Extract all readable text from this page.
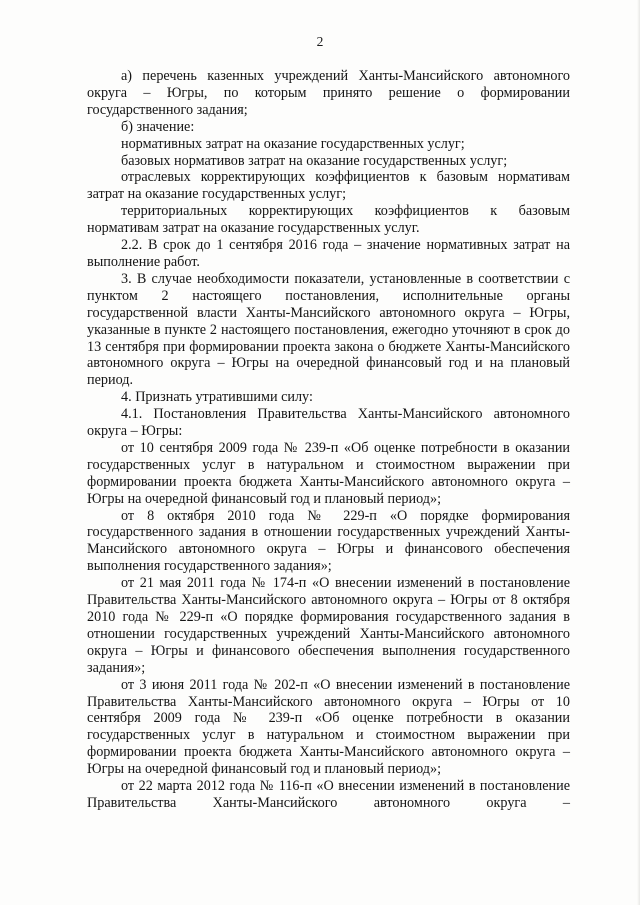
2

а) перечень казенных учреждений Ханты-Мансийского автономного округа – Югры, по которым принято решение о формировании государственного задания;

б) значение:

нормативных затрат на оказание государственных услуг;

базовых нормативов затрат на оказание государственных услуг;

отраслевых корректирующих коэффициентов к базовым нормативам затрат на оказание государственных услуг;

территориальных корректирующих коэффициентов к базовым нормативам затрат на оказание государственных услуг.

2.2. В срок до 1 сентября 2016 года – значение нормативных затрат на выполнение работ.

3. В случае необходимости показатели, установленные в соответствии с пунктом 2 настоящего постановления, исполнительные органы государственной власти Ханты-Мансийского автономного округа – Югры, указанные в пункте 2 настоящего постановления, ежегодно уточняют в срок до 13 сентября при формировании проекта закона о бюджете Ханты-Мансийского автономного округа – Югры на очередной финансовый год и на плановый период.

4. Признать утратившими силу:

4.1. Постановления Правительства Ханты-Мансийского автономного округа – Югры:

от 10 сентября 2009 года № 239-п «Об оценке потребности в оказании государственных услуг в натуральном и стоимостном выражении при формировании проекта бюджета Ханты-Мансийского автономного округа – Югры на очередной финансовый год и плановый период»;

от 8 октября 2010 года № 229-п «О порядке формирования государственного задания в отношении государственных учреждений Ханты-Мансийского автономного округа – Югры и финансового обеспечения выполнения государственного задания»;

от 21 мая 2011 года № 174-п «О внесении изменений в постановление Правительства Ханты-Мансийского автономного округа – Югры от 8 октября 2010 года № 229-п «О порядке формирования государственного задания в отношении государственных учреждений Ханты-Мансийского автономного округа – Югры и финансового обеспечения выполнения государственного задания»;

от 3 июня 2011 года № 202-п «О внесении изменений в постановление Правительства Ханты-Мансийского автономного округа – Югры от 10 сентября 2009 года № 239-п «Об оценке потребности в оказании государственных услуг в натуральном и стоимостном выражении при формировании проекта бюджета Ханты-Мансийского автономного округа – Югры на очередной финансовый год и плановый период»;

от 22 марта 2012 года № 116-п «О внесении изменений в постановление Правительства Ханты-Мансийского автономного округа –
